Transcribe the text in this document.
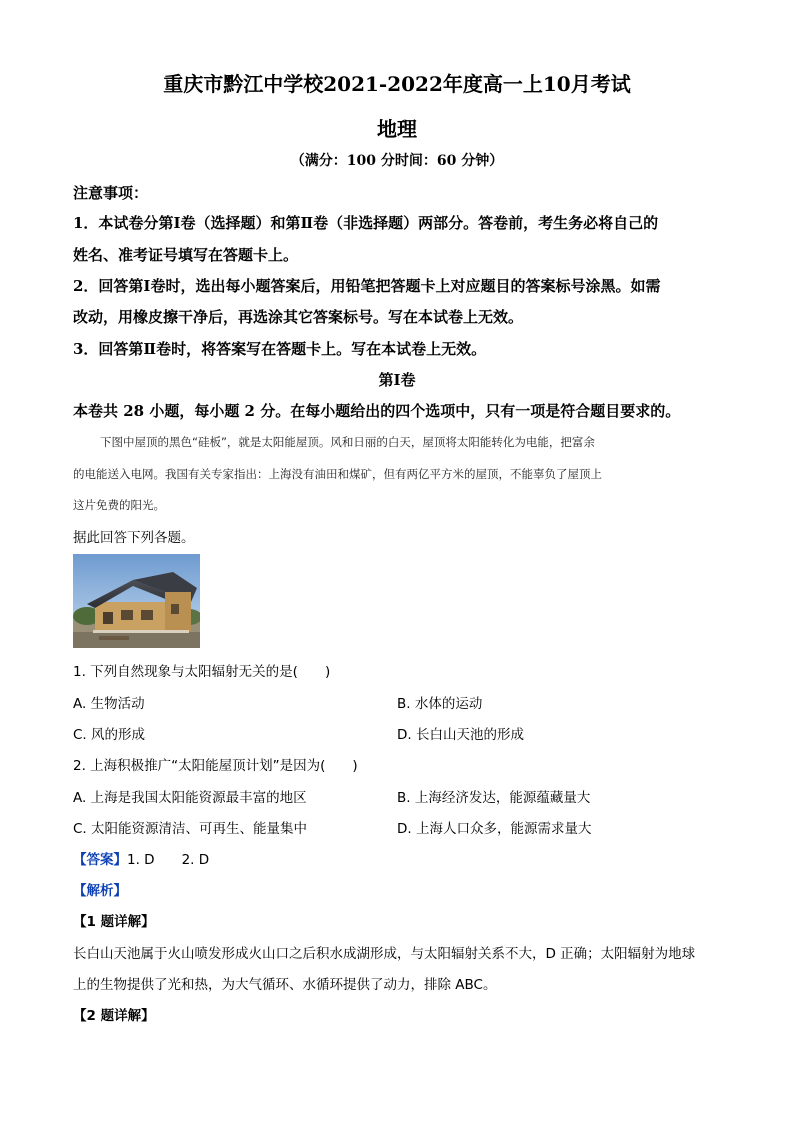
重庆市黔江中学校2021-2022年度高一上10月考试
地理
（满分：100 分时间：60 分钟）
注意事项：
1．本试卷分第Ⅰ卷（选择题）和第Ⅱ卷（非选择题）两部分。答卷前，考生务必将自己的
姓名、准考证号填写在答题卡上。
2．回答第Ⅰ卷时，选出每小题答案后，用铅笔把答题卡上对应题目的答案标号涂黑。如需
改动，用橡皮擦干净后，再选涂其它答案标号。写在本试卷上无效。
3．回答第Ⅱ卷时，将答案写在答题卡上。写在本试卷上无效。
第Ⅰ卷
本卷共 28 小题，每小题 2 分。在每小题给出的四个选项中，只有一项是符合题目要求的。
下图中屋顶的黑色“硅板”，就是太阳能屋顶。风和日丽的白天，屋顶将太阳能转化为电能，把富余
的电能送入电网。我国有关专家指出：上海没有油田和煤矿，但有两亿平方米的屋顶，不能辜负了屋顶上
这片免费的阳光。
据此回答下列各题。
1. 下列自然现象与太阳辐射无关的是(　　)
A. 生物活动	B. 水体的运动
C. 风的形成	D. 长白山天池的形成
2. 上海积极推广“太阳能屋顶计划”是因为(　　)
A. 上海是我国太阳能资源最丰富的地区	B. 上海经济发达，能源蕴藏量大
C. 太阳能资源清洁、可再生、能量集中	D. 上海人口众多，能源需求量大
【答案】1. D　　2. D
【解析】
【1 题详解】
长白山天池属于火山喷发形成火山口之后积水成湖形成，与太阳辐射关系不大，D 正确；太阳辐射为地球
上的生物提供了光和热，为大气循环、水循环提供了动力，排除 ABC。
【2 题详解】
